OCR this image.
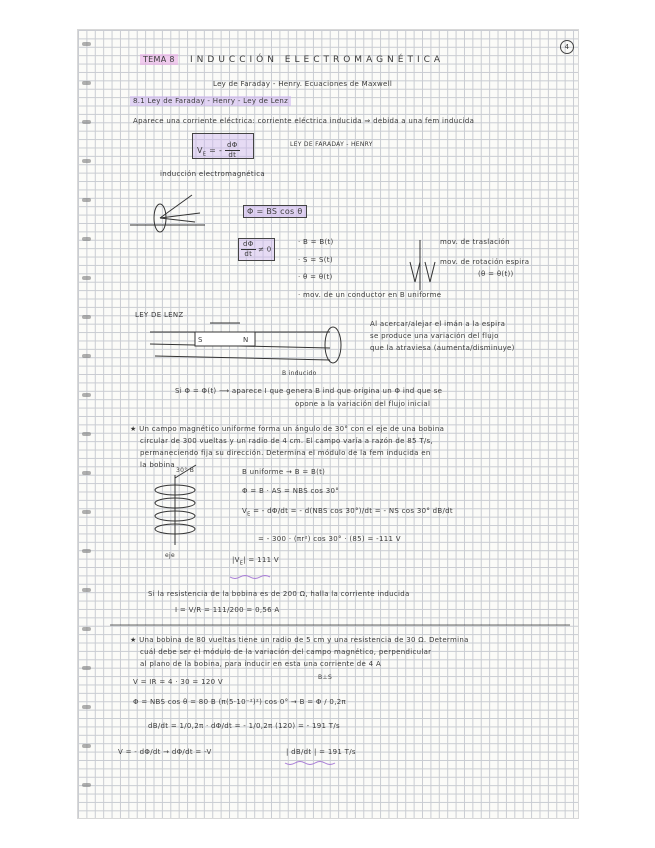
4
TEMA 8	INDUCCIÓN ELECTROMAGNÉTICA
Ley de Faraday - Henry. Ecuaciones de Maxwell
8.1 Ley de Faraday - Henry - Ley de Lenz
Aparece una corriente eléctrica: corriente eléctrica inducida ⇒ debida a una fem inducida
$V_E$ = - $\frac{d\Phi}{dt}$	LEY DE FARADAY - HENRY
inducción electromagnética
Φ = BS cos θ
$\frac{d\Phi}{dt} \ne 0$
· B = B(t)
· S = S(t)
· θ = θ(t)
· mov. de un conductor en B uniforme
mov. de traslación
mov. de rotación espira
(θ = θ(t))
LEY DE LENZ
S	N
B inducido
Al acercar/alejar el imán a la espira
se produce una variación del flujo
que la atraviesa (aumenta/disminuye)
Si Φ = Φ(t) ⟶ aparece I que genera B ind que origina un Φ ind que se
opone a la variación del flujo inicial
★ Un campo magnético uniforme forma un ángulo de 30° con el eje de una bobina
circular de 300 vueltas y un radio de 4 cm. El campo varía a razón de 85 T/s,
permaneciendo fija su dirección. Determina el módulo de la fem inducida en
la bobina
30° B
eje
B uniforme → B = B(t)
Φ = B · AS = NBS cos 30°
$V_E$ = - dΦ/dt = - d(NBS cos 30°)/dt = - NS cos 30° dB/dt
= - 300 · (πr²) cos 30° · (85) = -111 V
$|V_E| = 111$ V
Si la resistencia de la bobina es de 200 Ω, halla la corriente inducida
I = V/R = 111/200 = 0,56 A
★ Una bobina de 80 vueltas tiene un radio de 5 cm y una resistencia de 30 Ω. Determina
cuál debe ser el módulo de la variación del campo magnético, perpendicular
al plano de la bobina, para inducir en esta una corriente de 4 A
V = IR = 4 · 30 = 120 V
B⊥S
Φ = NBS cos θ = 80 B (π(5·10⁻²)²) cos 0° → B = Φ / 0,2π
dB/dt = 1/0,2π · dΦ/dt = - 1/0,2π (120) = - 191 T/s
V = - dΦ/dt → dΦ/dt = -V	| dB/dt | = 191 T/s
